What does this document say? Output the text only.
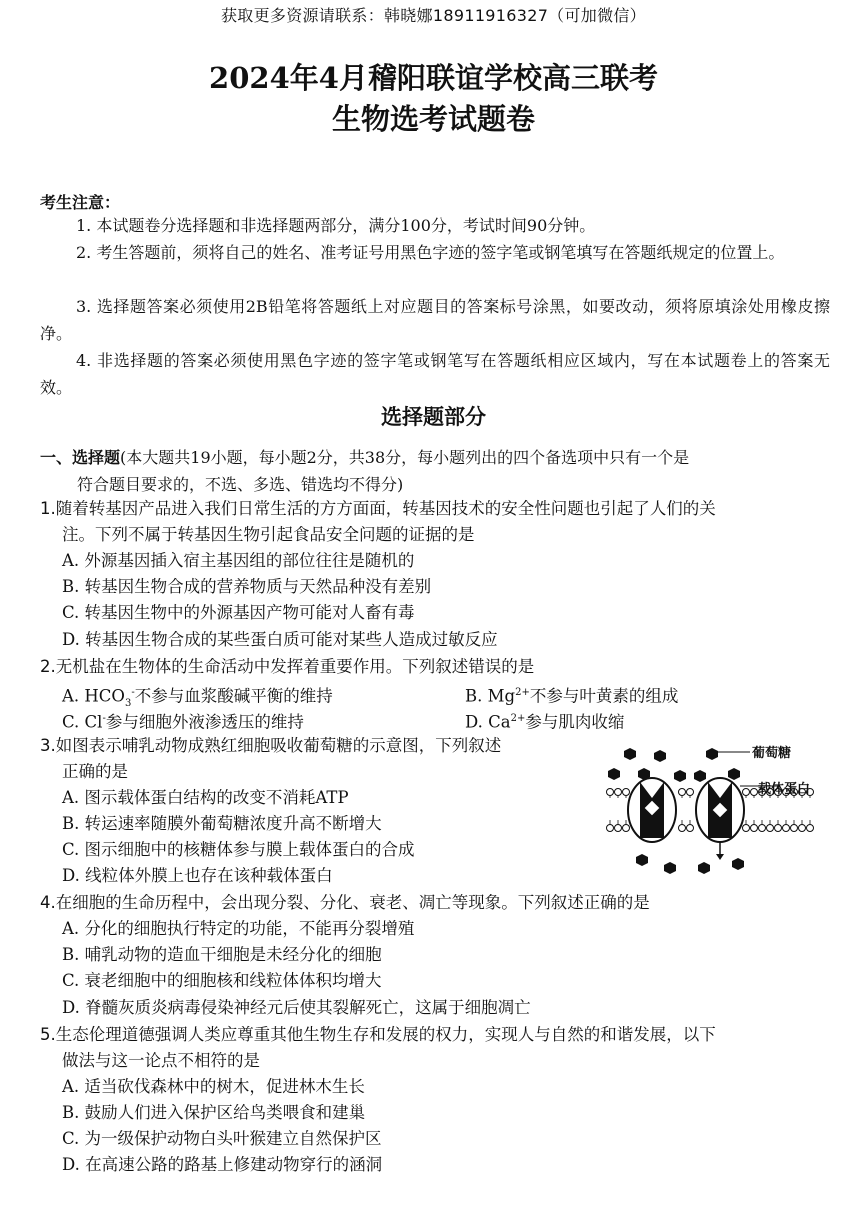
获取更多资源请联系：韩晓娜18911916327（可加微信）
2024年4月稽阳联谊学校高三联考
生物选考试题卷
考生注意：
1. 本试题卷分选择题和非选择题两部分，满分100分，考试时间90分钟。
2. 考生答题前，须将自己的姓名、准考证号用黑色字迹的签字笔或钢笔填写在答题纸规定的位置上。
3. 选择题答案必须使用2B铅笔将答题纸上对应题目的答案标号涂黑，如要改动，须将原填涂处用橡皮擦净。
4. 非选择题的答案必须使用黑色字迹的签字笔或钢笔写在答题纸相应区域内，写在本试题卷上的答案无效。
选择题部分
一、选择题(本大题共19小题，每小题2分，共38分，每小题列出的四个备选项中只有一个是
符合题目要求的，不选、多选、错选均不得分)
1.随着转基因产品进入我们日常生活的方方面面，转基因技术的安全性问题也引起了人们的关
注。下列不属于转基因生物引起食品安全问题的证据的是
A. 外源基因插入宿主基因组的部位往往是随机的
B. 转基因生物合成的营养物质与天然品种没有差别
C. 转基因生物中的外源基因产物可能对人畜有毒
D. 转基因生物合成的某些蛋白质可能对某些人造成过敏反应
2.无机盐在生物体的生命活动中发挥着重要作用。下列叙述错误的是
A. $HCO_3^-$不参与血浆酸碱平衡的维持	B. $Mg^{2+}$不参与叶黄素的组成
C. Cl-参与细胞外液渗透压的维持	D. $Ca^{2+}$参与肌肉收缩
3.如图表示哺乳动物成熟红细胞吸收葡萄糖的示意图，下列叙述
正确的是
A. 图示载体蛋白结构的改变不消耗ATP
B. 转运速率随膜外葡萄糖浓度升高不断增大
C. 图示细胞中的核糖体参与膜上载体蛋白的合成
D. 线粒体外膜上也存在该种载体蛋白
葡萄糖
载体蛋白
4.在细胞的生命历程中，会出现分裂、分化、衰老、凋亡等现象。下列叙述正确的是
A. 分化的细胞执行特定的功能，不能再分裂增殖
B. 哺乳动物的造血干细胞是未经分化的细胞
C. 衰老细胞中的细胞核和线粒体体积均增大
D. 脊髓灰质炎病毒侵染神经元后使其裂解死亡，这属于细胞凋亡
5.生态伦理道德强调人类应尊重其他生物生存和发展的权力，实现人与自然的和谐发展，以下
做法与这一论点不相符的是
A. 适当砍伐森林中的树木，促进林木生长
B. 鼓励人们进入保护区给鸟类喂食和建巢
C. 为一级保护动物白头叶猴建立自然保护区
D. 在高速公路的路基上修建动物穿行的涵洞
